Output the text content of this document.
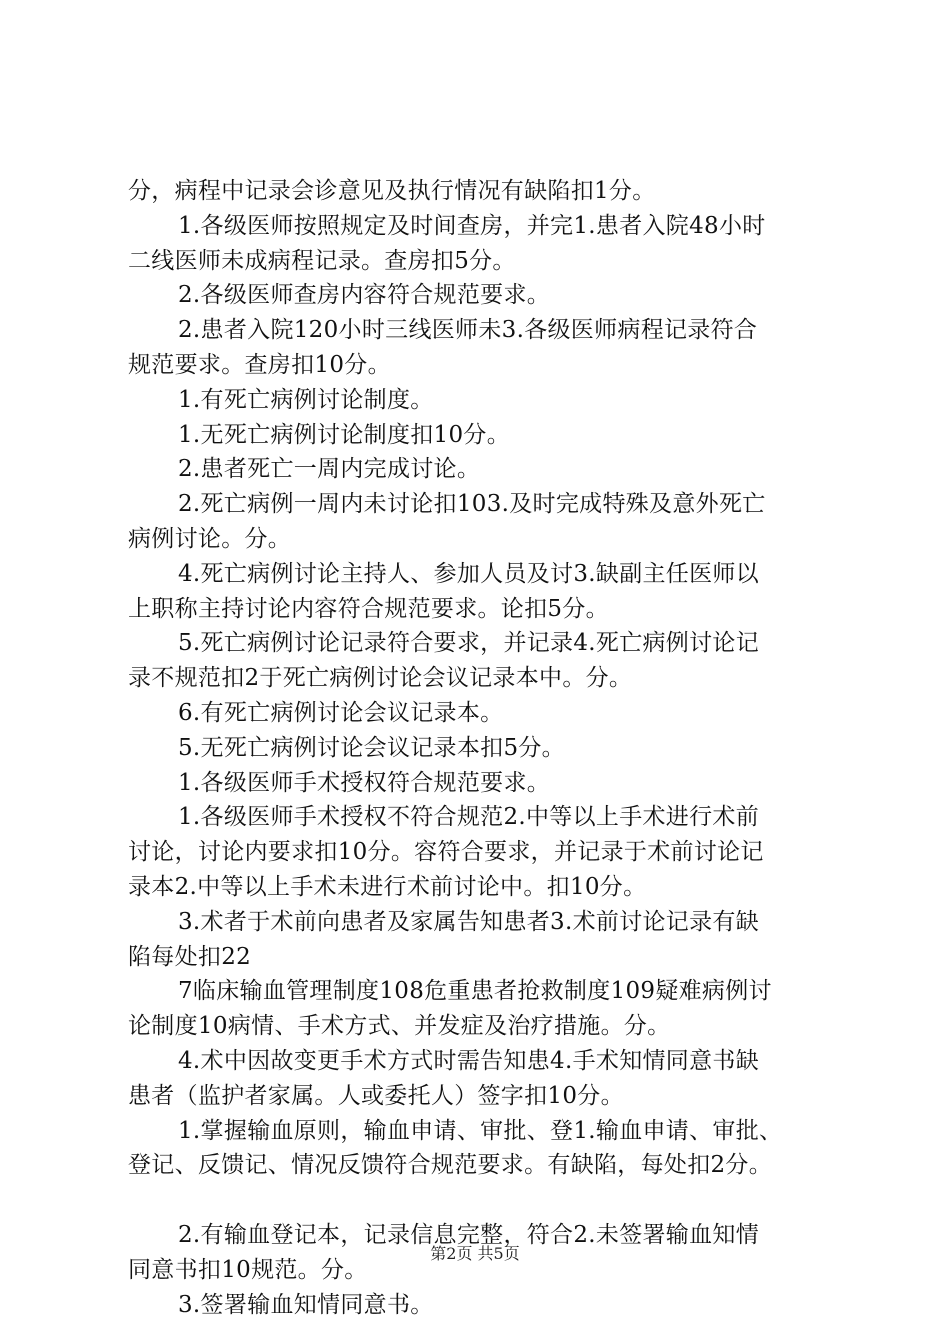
分，病程中记录会诊意见及执行情况有缺陷扣1分。
1.各级医师按照规定及时间查房，并完1.患者入院48小时
二线医师未成病程记录。查房扣5分。
2.各级医师查房内容符合规范要求。
2.患者入院120小时三线医师未3.各级医师病程记录符合
规范要求。查房扣10分。
1.有死亡病例讨论制度。
1.无死亡病例讨论制度扣10分。
2.患者死亡一周内完成讨论。
2.死亡病例一周内未讨论扣103.及时完成特殊及意外死亡
病例讨论。分。
4.死亡病例讨论主持人、参加人员及讨3.缺副主任医师以
上职称主持讨论内容符合规范要求。论扣5分。
5.死亡病例讨论记录符合要求，并记录4.死亡病例讨论记
录不规范扣2于死亡病例讨论会议记录本中。分。
6.有死亡病例讨论会议记录本。
5.无死亡病例讨论会议记录本扣5分。
1.各级医师手术授权符合规范要求。
1.各级医师手术授权不符合规范2.中等以上手术进行术前
讨论，讨论内要求扣10分。容符合要求，并记录于术前讨论记
录本2.中等以上手术未进行术前讨论中。扣10分。
3.术者于术前向患者及家属告知患者3.术前讨论记录有缺
陷每处扣22
7临床输血管理制度108危重患者抢救制度109疑难病例讨
论制度10病情、手术方式、并发症及治疗措施。分。
4.术中因故变更手术方式时需告知患4.手术知情同意书缺
患者（监护者家属。人或委托人）签字扣10分。
1.掌握输血原则，输血申请、审批、登1.输血申请、审批、
登记、反馈记、情况反馈符合规范要求。有缺陷，每处扣2分。
2.有输血登记本，记录信息完整，符合2.未签署输血知情
同意书扣10规范。分。
3.签署输血知情同意书。
第2页 共5页
